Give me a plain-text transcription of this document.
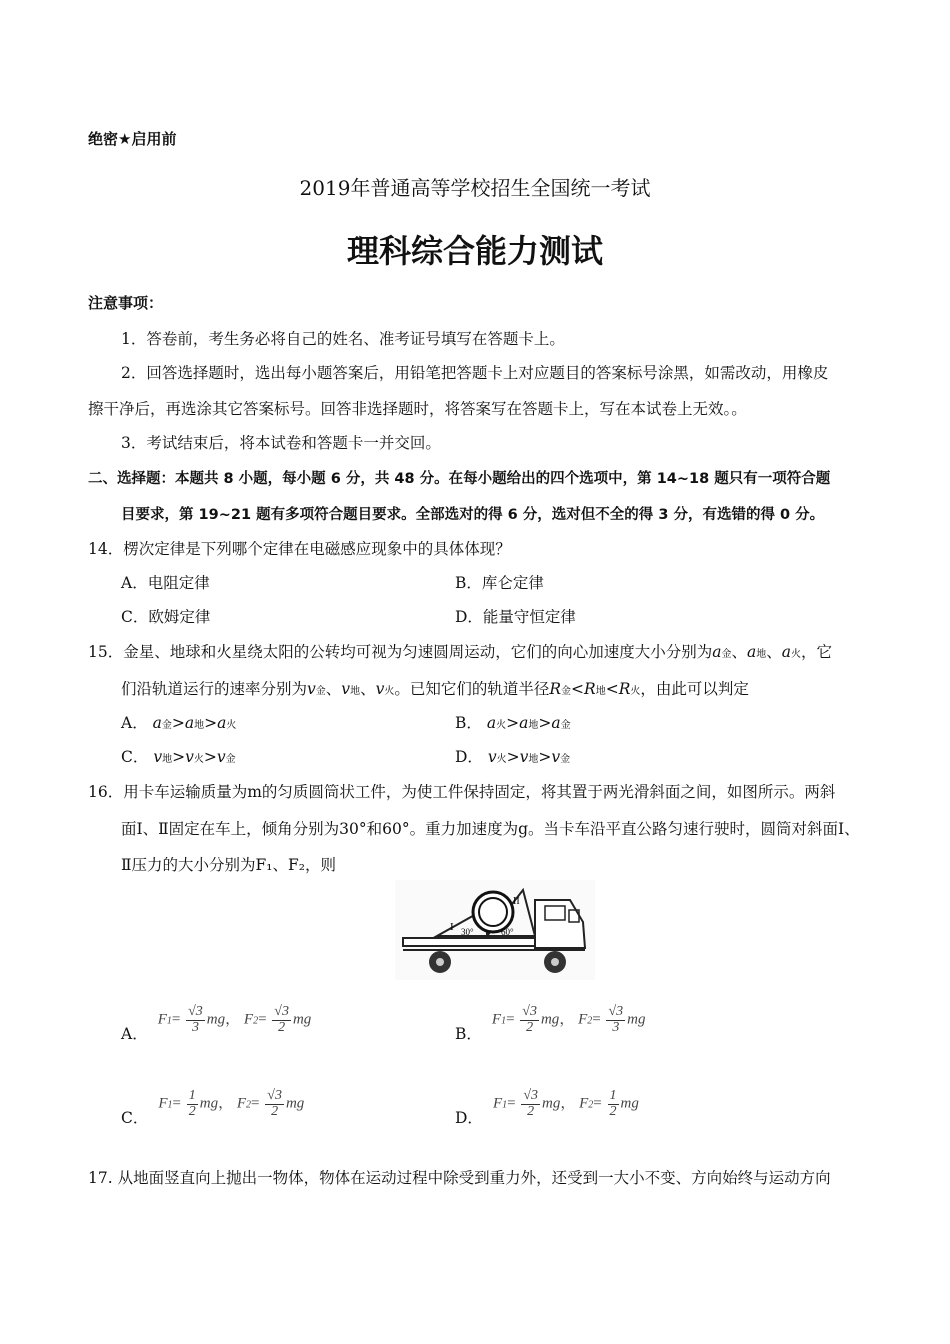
绝密★启用前
2019年普通高等学校招生全国统一考试
理科综合能力测试
注意事项：
1．答卷前，考生务必将自己的姓名、准考证号填写在答题卡上。
2．回答选择题时，选出每小题答案后，用铅笔把答题卡上对应题目的答案标号涂黑，如需改动，用橡皮
擦干净后，再选涂其它答案标号。回答非选择题时，将答案写在答题卡上，写在本试卷上无效。。
3．考试结束后，将本试卷和答题卡一并交回。
二、选择题：本题共 8 小题，每小题 6 分，共 48 分。在每小题给出的四个选项中，第 14~18 题只有一项符合题
目要求，第 19~21 题有多项符合题目要求。全部选对的得 6 分，选对但不全的得 3 分，有选错的得 0 分。
14．楞次定律是下列哪个定律在电磁感应现象中的具体体现？
A．电阻定律	B．库仑定律
C．欧姆定律	D．能量守恒定律
15．金星、地球和火星绕太阳的公转均可视为匀速圆周运动，它们的向心加速度大小分别为a金、a地、a火，它
们沿轨道运行的速率分别为v金、v地、v火。已知它们的轨道半径R金<R地<R火，由此可以判定
A． a金>a地>a火	B． a火>a地>a金
C． v地>v火>v金	D． v火>v地>v金
16．用卡车运输质量为m的匀质圆筒状工件，为使工件保持固定，将其置于两光滑斜面之间，如图所示。两斜
面Ⅰ、Ⅱ固定在车上，倾角分别为30°和60°。重力加速度为g。当卡车沿平直公路匀速行驶时，圆筒对斜面Ⅰ、
Ⅱ压力的大小分别为F₁、F₂，则
I
II
30°	60°
A．
$F1= \frac{√3}{3}$ mg， $F2= \frac{√3}{2}$ mg
B．
$F1= \frac{√3}{2}$ mg， $F2= \frac{√3}{3}$ mg
C．
$F1= \frac{1}{2}$ mg， $F2= \frac{√3}{2}$ mg
D．
$F1= \frac{√3}{2}$ mg， $F2= \frac{1}{2}$ mg
17. 从地面竖直向上抛出一物体，物体在运动过程中除受到重力外，还受到一大小不变、方向始终与运动方向
